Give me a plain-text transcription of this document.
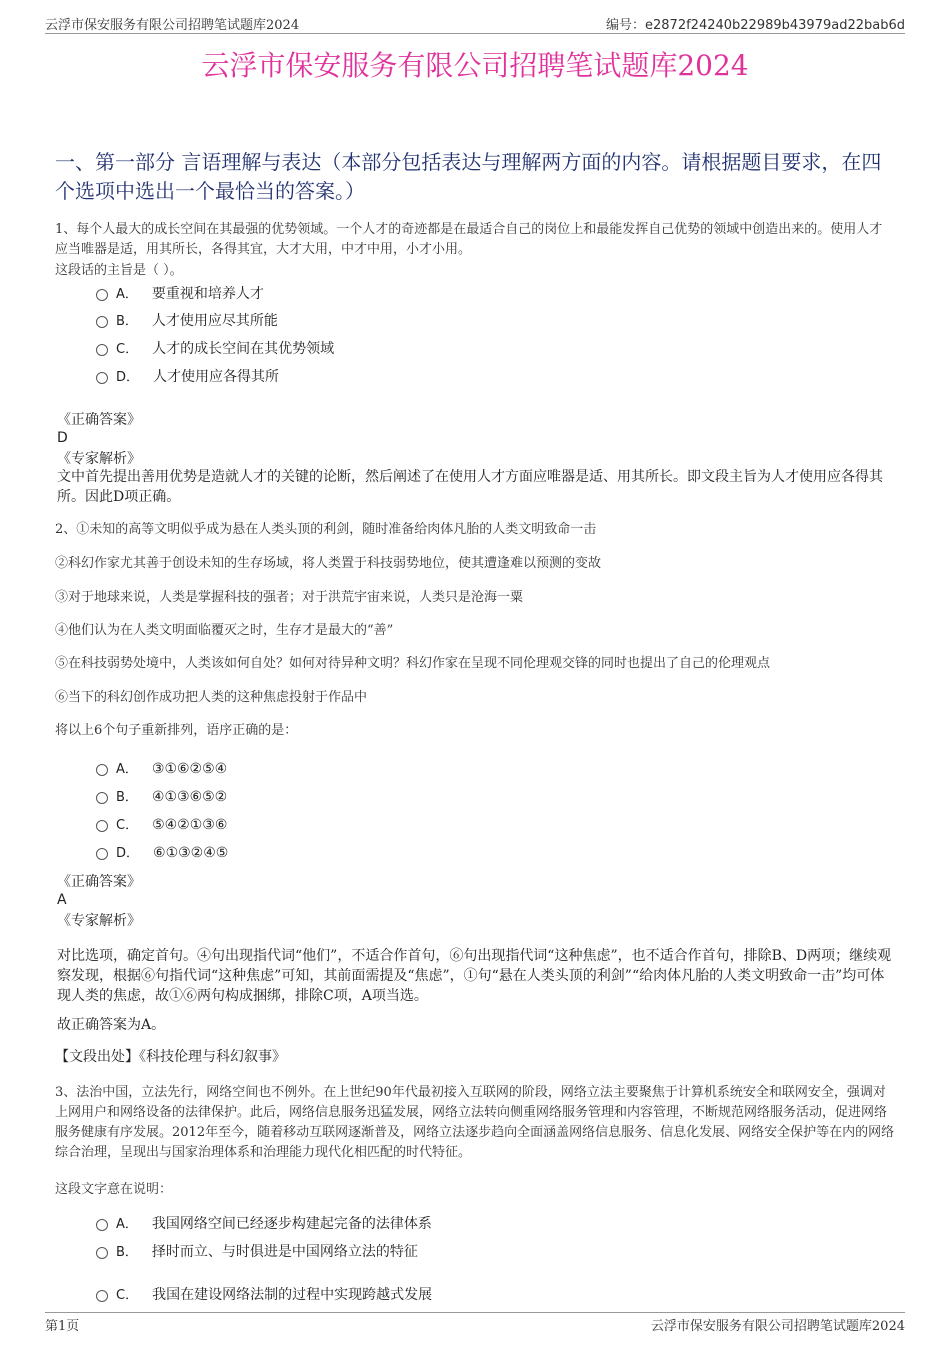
云浮市保安服务有限公司招聘笔试题库2024	编号：e2872f24240b22989b43979ad22bab6d
云浮市保安服务有限公司招聘笔试题库2024
一、第一部分 言语理解与表达（本部分包括表达与理解两方面的内容。请根据题目要求，在四个选项中选出一个最恰当的答案。）
1、每个人最大的成长空间在其最强的优势领域。一个人才的奇迹都是在最适合自己的岗位上和最能发挥自己优势的领域中创造出来的。使用人才应当唯器是适，用其所长，各得其宜，大才大用，中才中用，小才小用。
这段话的主旨是（ ）。
A． 要重视和培养人才
B． 人才使用应尽其所能
C． 人才的成长空间在其优势领域
D． 人才使用应各得其所
《正确答案》
D
《专家解析》
文中首先提出善用优势是造就人才的关键的论断，然后阐述了在使用人才方面应唯器是适、用其所长。即文段主旨为人才使用应各得其所。因此D项正确。
2、①未知的高等文明似乎成为悬在人类头顶的利剑，随时准备给肉体凡胎的人类文明致命一击
②科幻作家尤其善于创设未知的生存场域，将人类置于科技弱势地位，使其遭逢难以预测的变故
③对于地球来说，人类是掌握科技的强者；对于洪荒宇宙来说，人类只是沧海一粟
④他们认为在人类文明面临覆灭之时，生存才是最大的“善”
⑤在科技弱势处境中，人类该如何自处？如何对待异种文明？科幻作家在呈现不同伦理观交锋的同时也提出了自己的伦理观点
⑥当下的科幻创作成功把人类的这种焦虑投射于作品中
将以上6个句子重新排列，语序正确的是：
A． ③①⑥②⑤④
B． ④①③⑥⑤②
C． ⑤④②①③⑥
D． ⑥①③②④⑤
《正确答案》
A
《专家解析》
对比选项，确定首句。④句出现指代词“他们”，不适合作首句，⑥句出现指代词“这种焦虑”，也不适合作首句，排除B、D两项；继续观察发现，根据⑥句指代词“这种焦虑”可知，其前面需提及“焦虑”，①句“悬在人类头顶的利剑”“给肉体凡胎的人类文明致命一击”均可体现人类的焦虑，故①⑥两句构成捆绑，排除C项，A项当选。
故正确答案为A。
【文段出处】《科技伦理与科幻叙事》
3、法治中国，立法先行，网络空间也不例外。在上世纪90年代最初接入互联网的阶段，网络立法主要聚焦于计算机系统安全和联网安全，强调对上网用户和网络设备的法律保护。此后，网络信息服务迅猛发展，网络立法转向侧重网络服务管理和内容管理，不断规范网络服务活动，促进网络服务健康有序发展。2012年至今，随着移动互联网逐渐普及，网络立法逐步趋向全面涵盖网络信息服务、信息化发展、网络安全保护等在内的网络综合治理，呈现出与国家治理体系和治理能力现代化相匹配的时代特征。
这段文字意在说明：
A． 我国网络空间已经逐步构建起完备的法律体系
B． 择时而立、与时俱进是中国网络立法的特征
C． 我国在建设网络法制的过程中实现跨越式发展
第1页	云浮市保安服务有限公司招聘笔试题库2024
